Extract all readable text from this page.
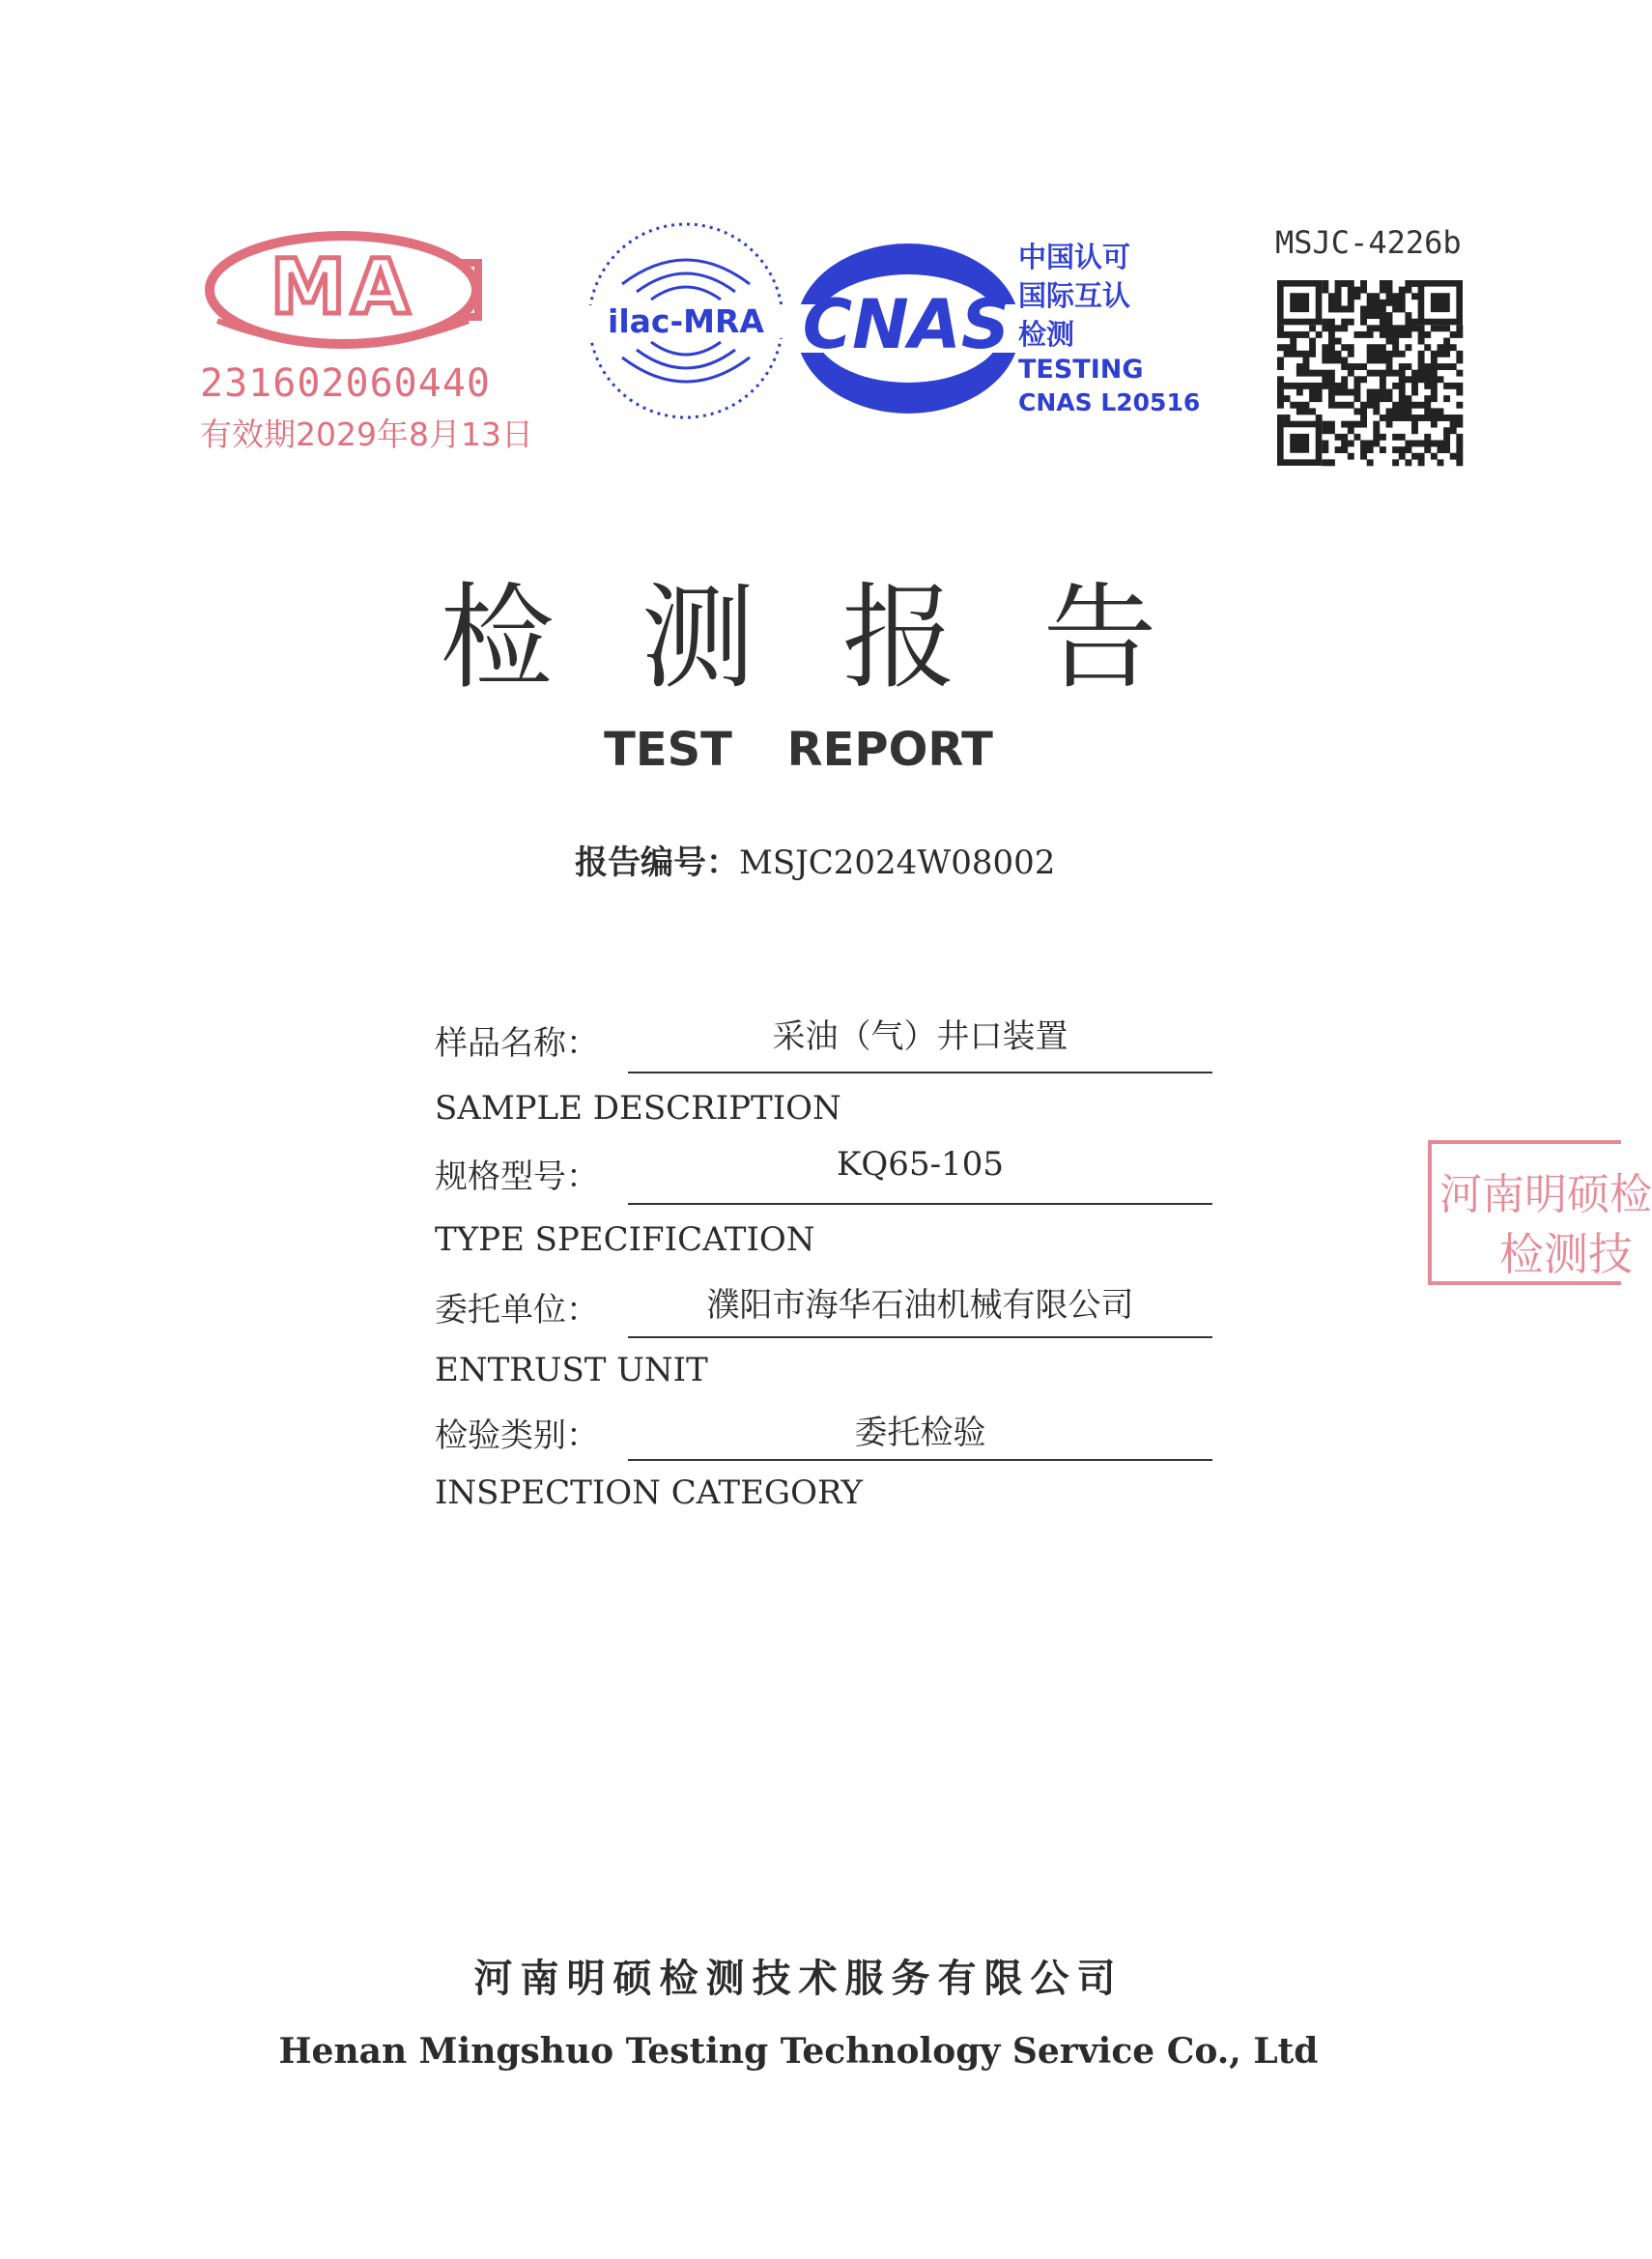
MA
231602060440
有效期2029年8月13日
ilac-MRA CNAS
中国认可
国际互认
检测
TESTING
CNAS L20516
MSJC-4226b
检测报告
TEST REPORT
报告编号：MSJC2024W08002
样品名称：	采油（气）井口装置
SAMPLE DESCRIPTION
规格型号：	KQ65-105
TYPE SPECIFICATION
委托单位：	濮阳市海华石油机械有限公司
ENTRUST UNIT
检验类别：	委托检验
INSPECTION CATEGORY
河南明硕检
检测技
河南明硕检测技术服务有限公司
Henan Mingshuo Testing Technology Service Co., Ltd
